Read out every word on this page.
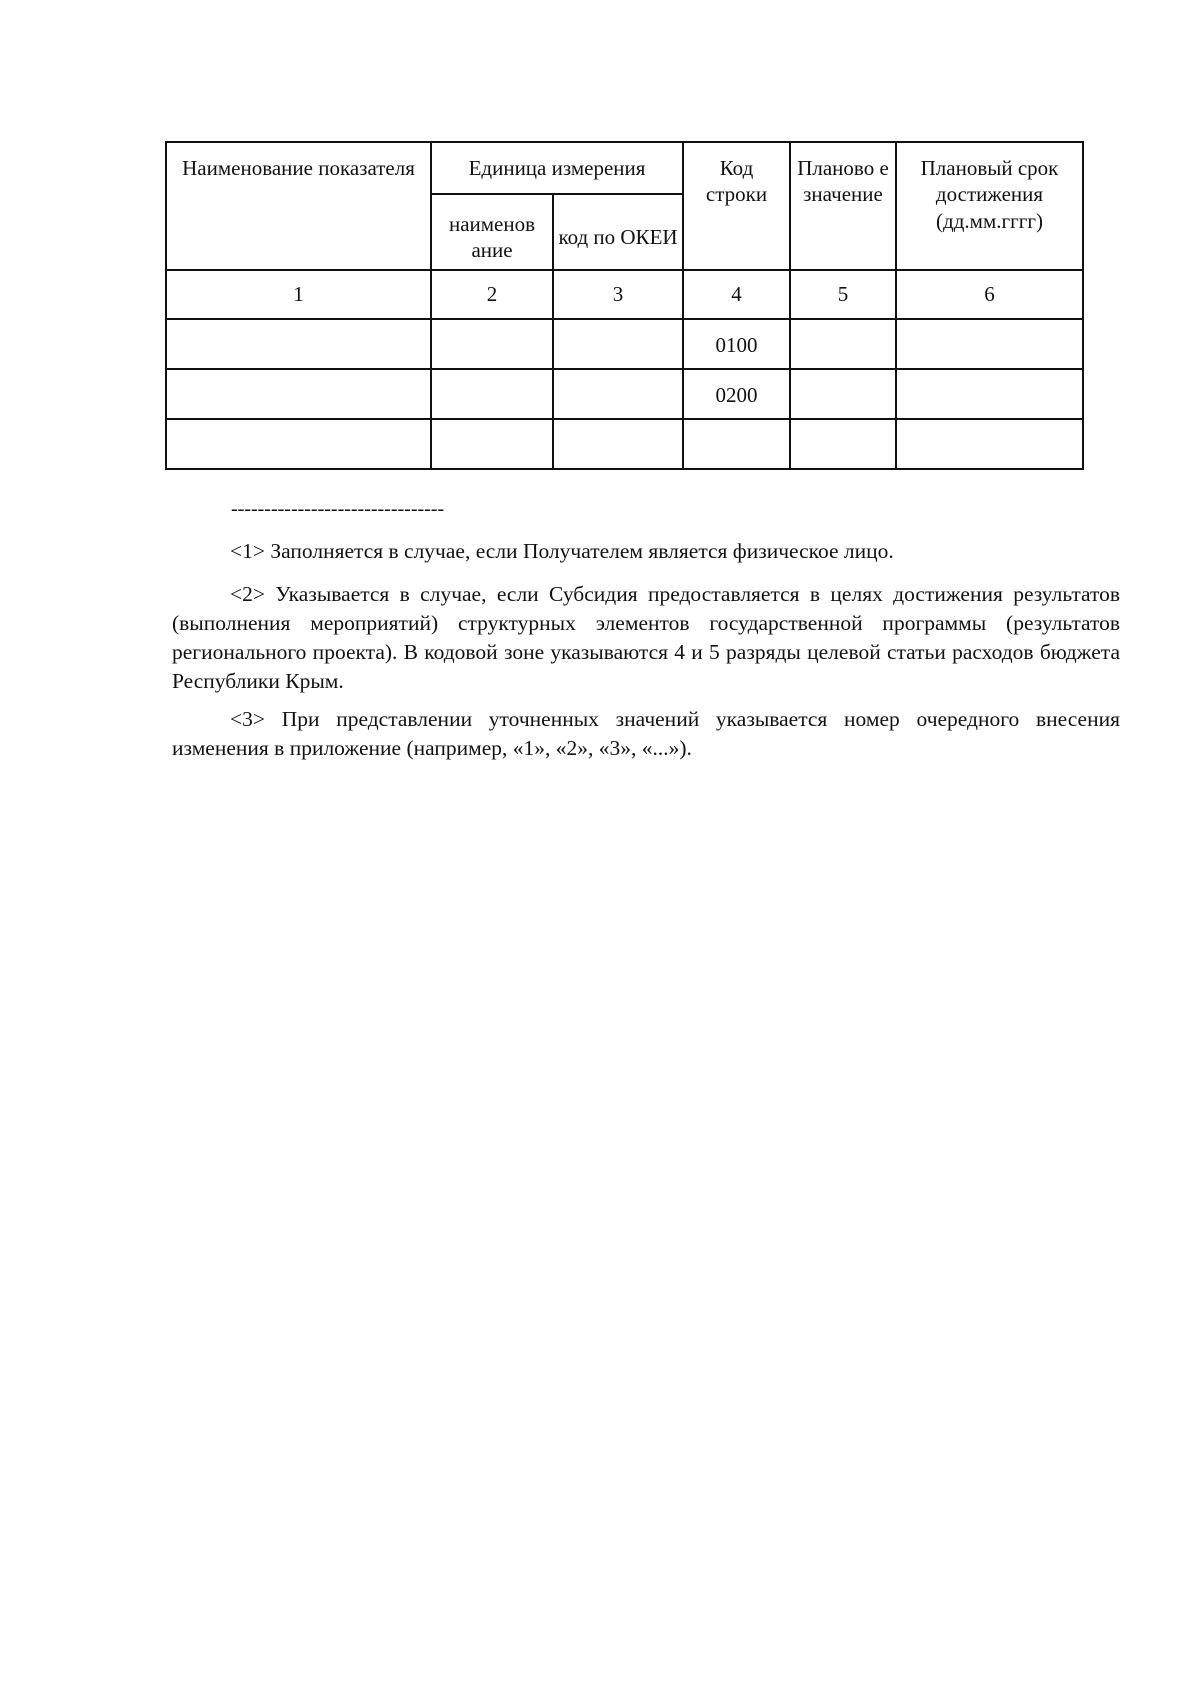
Наименование показателя	Единица измерения		Код строки	Планово е значение	Плановый срок достижения (дд.мм.гггг)
	наименов ание	код по ОКЕИ			
1	2	3	4	5	6
			0100		
			0200		

--------------------------------

<1> Заполняется в случае, если Получателем является физическое лицо.

<2> Указывается в случае, если Субсидия предоставляется в целях достижения результатов (выполнения мероприятий) структурных элементов государственной программы (результатов регионального проекта). В кодовой зоне указываются 4 и 5 разряды целевой статьи расходов бюджета Республики Крым.

<3> При представлении уточненных значений указывается номер очередного внесения изменения в приложение (например, «1», «2», «3», «...»).
